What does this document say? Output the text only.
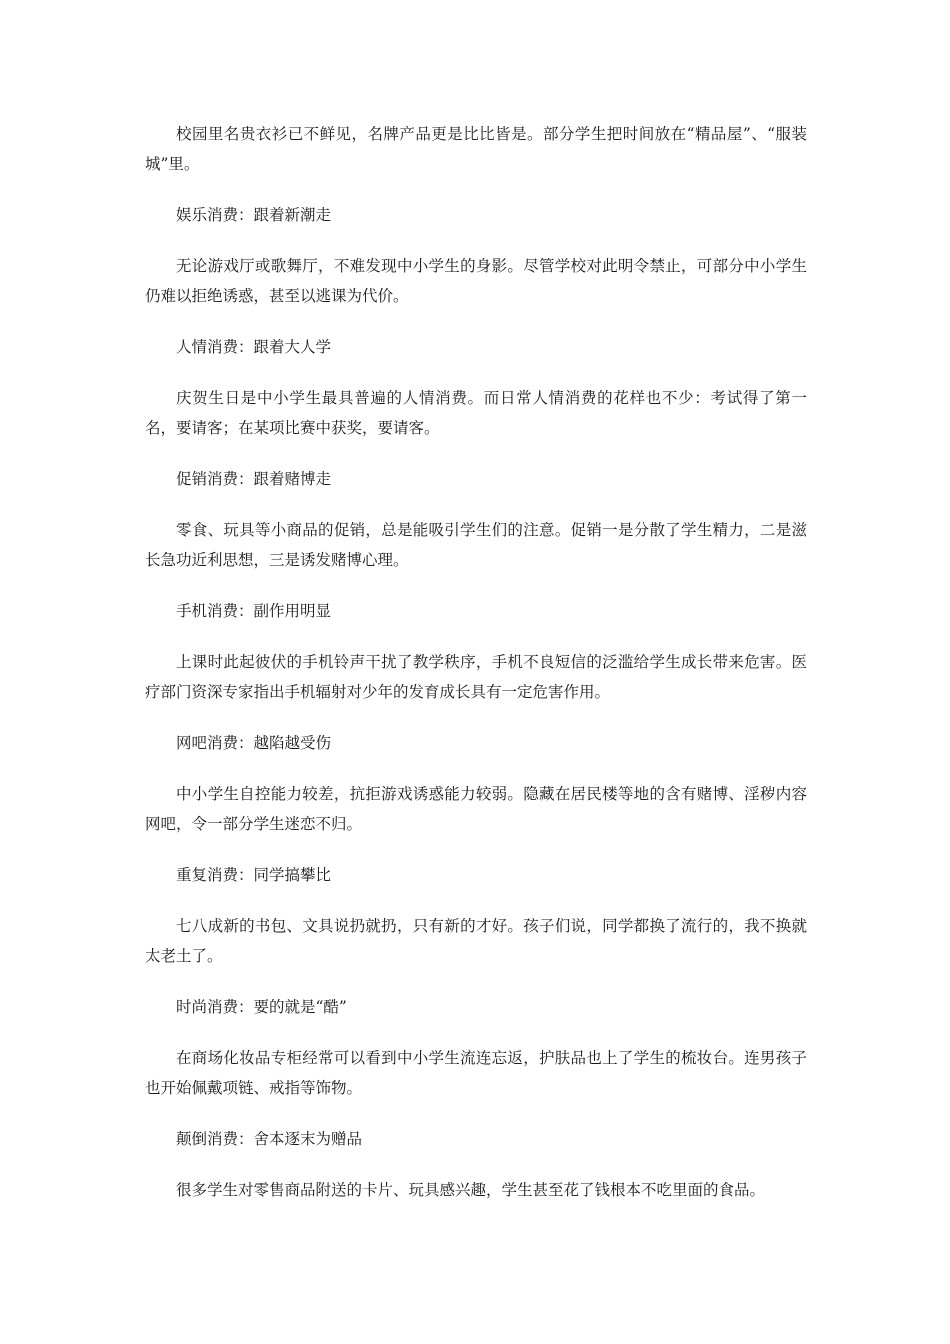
校园里名贵衣衫已不鲜见，名牌产品更是比比皆是。部分学生把时间放在“精品屋”、“服装城”里。

娱乐消费：跟着新潮走

无论游戏厅或歌舞厅，不难发现中小学生的身影。尽管学校对此明令禁止，可部分中小学生仍难以拒绝诱惑，甚至以逃课为代价。

人情消费：跟着大人学

庆贺生日是中小学生最具普遍的人情消费。而日常人情消费的花样也不少：考试得了第一名，要请客；在某项比赛中获奖，要请客。

促销消费：跟着赌博走

零食、玩具等小商品的促销，总是能吸引学生们的注意。促销一是分散了学生精力，二是滋长急功近利思想，三是诱发赌博心理。

手机消费：副作用明显

上课时此起彼伏的手机铃声干扰了教学秩序，手机不良短信的泛滥给学生成长带来危害。医疗部门资深专家指出手机辐射对少年的发育成长具有一定危害作用。

网吧消费：越陷越受伤

中小学生自控能力较差，抗拒游戏诱惑能力较弱。隐藏在居民楼等地的含有赌博、淫秽内容网吧，令一部分学生迷恋不归。

重复消费：同学搞攀比

七八成新的书包、文具说扔就扔，只有新的才好。孩子们说，同学都换了流行的，我不换就太老土了。

时尚消费：要的就是“酷”

在商场化妆品专柜经常可以看到中小学生流连忘返，护肤品也上了学生的梳妆台。连男孩子也开始佩戴项链、戒指等饰物。

颠倒消费：舍本逐末为赠品

很多学生对零售商品附送的卡片、玩具感兴趣，学生甚至花了钱根本不吃里面的食品。
